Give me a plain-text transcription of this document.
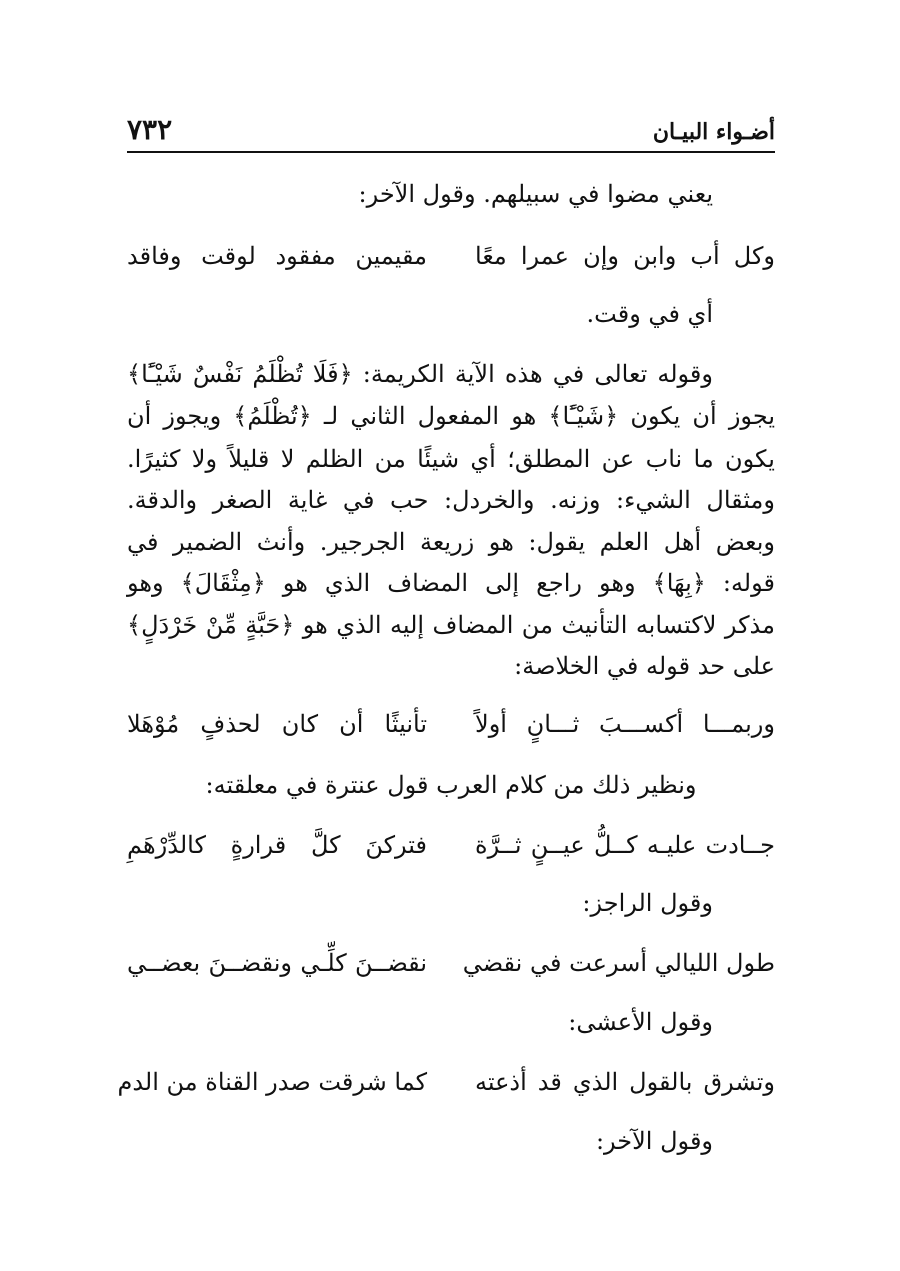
أضـواء البيـان
٧٣٢
يعني مضوا في سبيلهم. وقول الآخر:
وكل أب وابن وإن عمرا معًا
مقيمين مفقود لوقت وفاقد
أي في وقت.
وقوله تعالى في هذه الآية الكريمة: ﴿فَلَا تُظْلَمُ نَفْسٌ شَيْـًٔا﴾
يجوز أن يكون ﴿شَيْـًٔا﴾ هو المفعول الثاني لـ ﴿تُظْلَمُ﴾ ويجوز أن
يكون ما ناب عن المطلق؛ أي شيئًا من الظلم لا قليلاً ولا كثيرًا.
ومثقال الشيء: وزنه. والخردل: حب في غاية الصغر والدقة.
وبعض أهل العلم يقول: هو زريعة الجرجير. وأنث الضمير في
قوله: ﴿بِهَا﴾ وهو راجع إلى المضاف الذي هو ﴿مِثْقَالَ﴾ وهو
مذكر لاكتسابه التأنيث من المضاف إليه الذي هو ﴿حَبَّةٍ مِّنْ خَرْدَلٍ﴾
على حد قوله في الخلاصة:
وربمـــا أكســـبَ ثـــانٍ أولاً
تأنيثًا أن كان لحذفٍ مُوْهَلا
ونظير ذلك من كلام العرب قول عنترة في معلقته:
جــادت عليـه كــلُّ عيــنٍ ثــرَّة
فتركنَ كلَّ قرارةٍ كالدِّرْهَمِ
وقول الراجز:
طول الليالي أسرعت في نقضي
نقضــنَ كلِّـي ونقضــنَ بعضــي
وقول الأعشى:
وتشرق بالقول الذي قد أذعته
كما شرقت صدر القناة من الدم
وقول الآخر:
